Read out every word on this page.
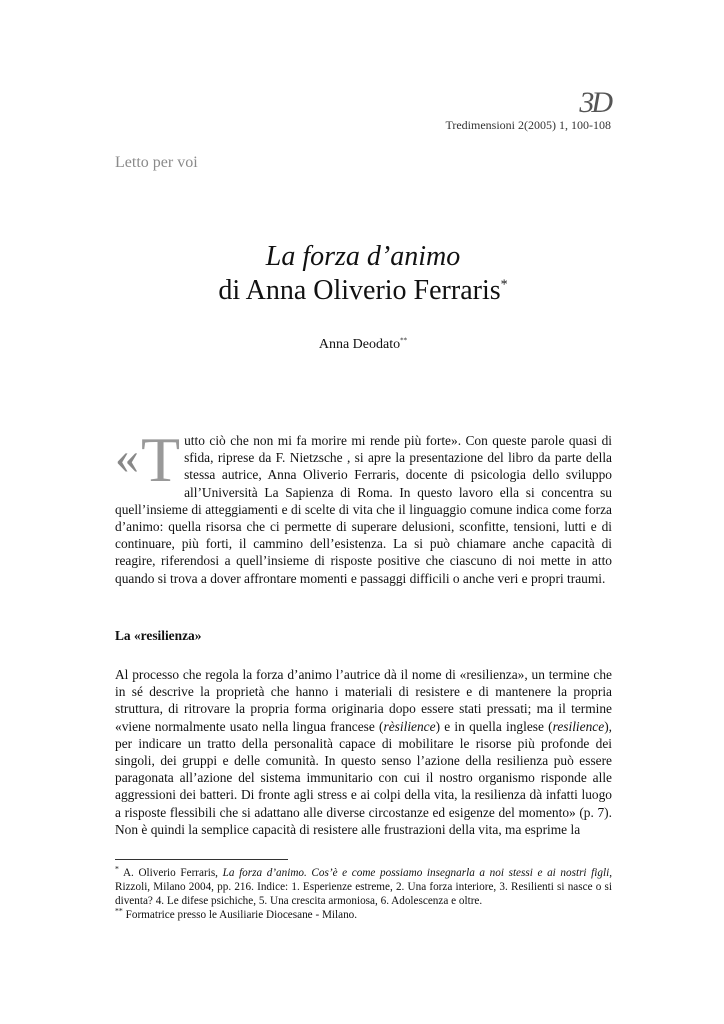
3D
Tredimensioni 2(2005) 1, 100-108
Letto per voi
La forza d’animo
di Anna Oliverio Ferraris*
Anna Deodato**
« T utto ciò che non mi fa morire mi rende più forte». Con queste parole quasi di sfida, riprese da F. Nietzsche , si apre la presentazione del libro da parte della stessa autrice, Anna Oliverio Ferraris, docente di psicologia dello sviluppo all’Università La Sapienza di Roma. In questo lavoro ella si concentra su quell’insieme di atteggiamenti e di scelte di vita che il linguaggio comune indica come forza d’animo: quella risorsa che ci permette di superare delusioni, sconfitte, tensioni, lutti e di continuare, più forti, il cammino dell’esistenza. La si può chiamare anche capacità di reagire, riferendosi a quell’insieme di risposte positive che ciascuno di noi mette in atto quando si trova a dover affrontare momenti e passaggi difficili o anche veri e propri traumi.

La «resilienza»

Al processo che regola la forza d’animo l’autrice dà il nome di «resilienza», un termine che in sé descrive la proprietà che hanno i materiali di resistere e di mantenere la propria struttura, di ritrovare la propria forma originaria dopo essere stati pressati; ma il termine «viene normalmente usato nella lingua francese (rèsilience) e in quella inglese (resilience), per indicare un tratto della personalità capace di mobilitare le risorse più profonde dei singoli, dei gruppi e delle comunità. In questo senso l’azione della resilienza può essere paragonata all’azione del sistema immunitario con cui il nostro organismo risponde alle aggressioni dei batteri. Di fronte agli stress e ai colpi della vita, la resilienza dà infatti luogo a risposte flessibili che si adattano alle diverse circostanze ed esigenze del momento» (p. 7). Non è quindi la semplice capacità di resistere alle frustrazioni della vita, ma esprime la

* A. Oliverio Ferraris, La forza d’animo. Cos’è e come possiamo insegnarla a noi stessi e ai nostri figli, Rizzoli, Milano 2004, pp. 216. Indice: 1. Esperienze estreme, 2. Una forza interiore, 3. Resilienti si nasce o si diventa? 4. Le difese psichiche, 5. Una crescita armoniosa, 6. Adolescenza e oltre.

** Formatrice presso le Ausiliarie Diocesane - Milano.
